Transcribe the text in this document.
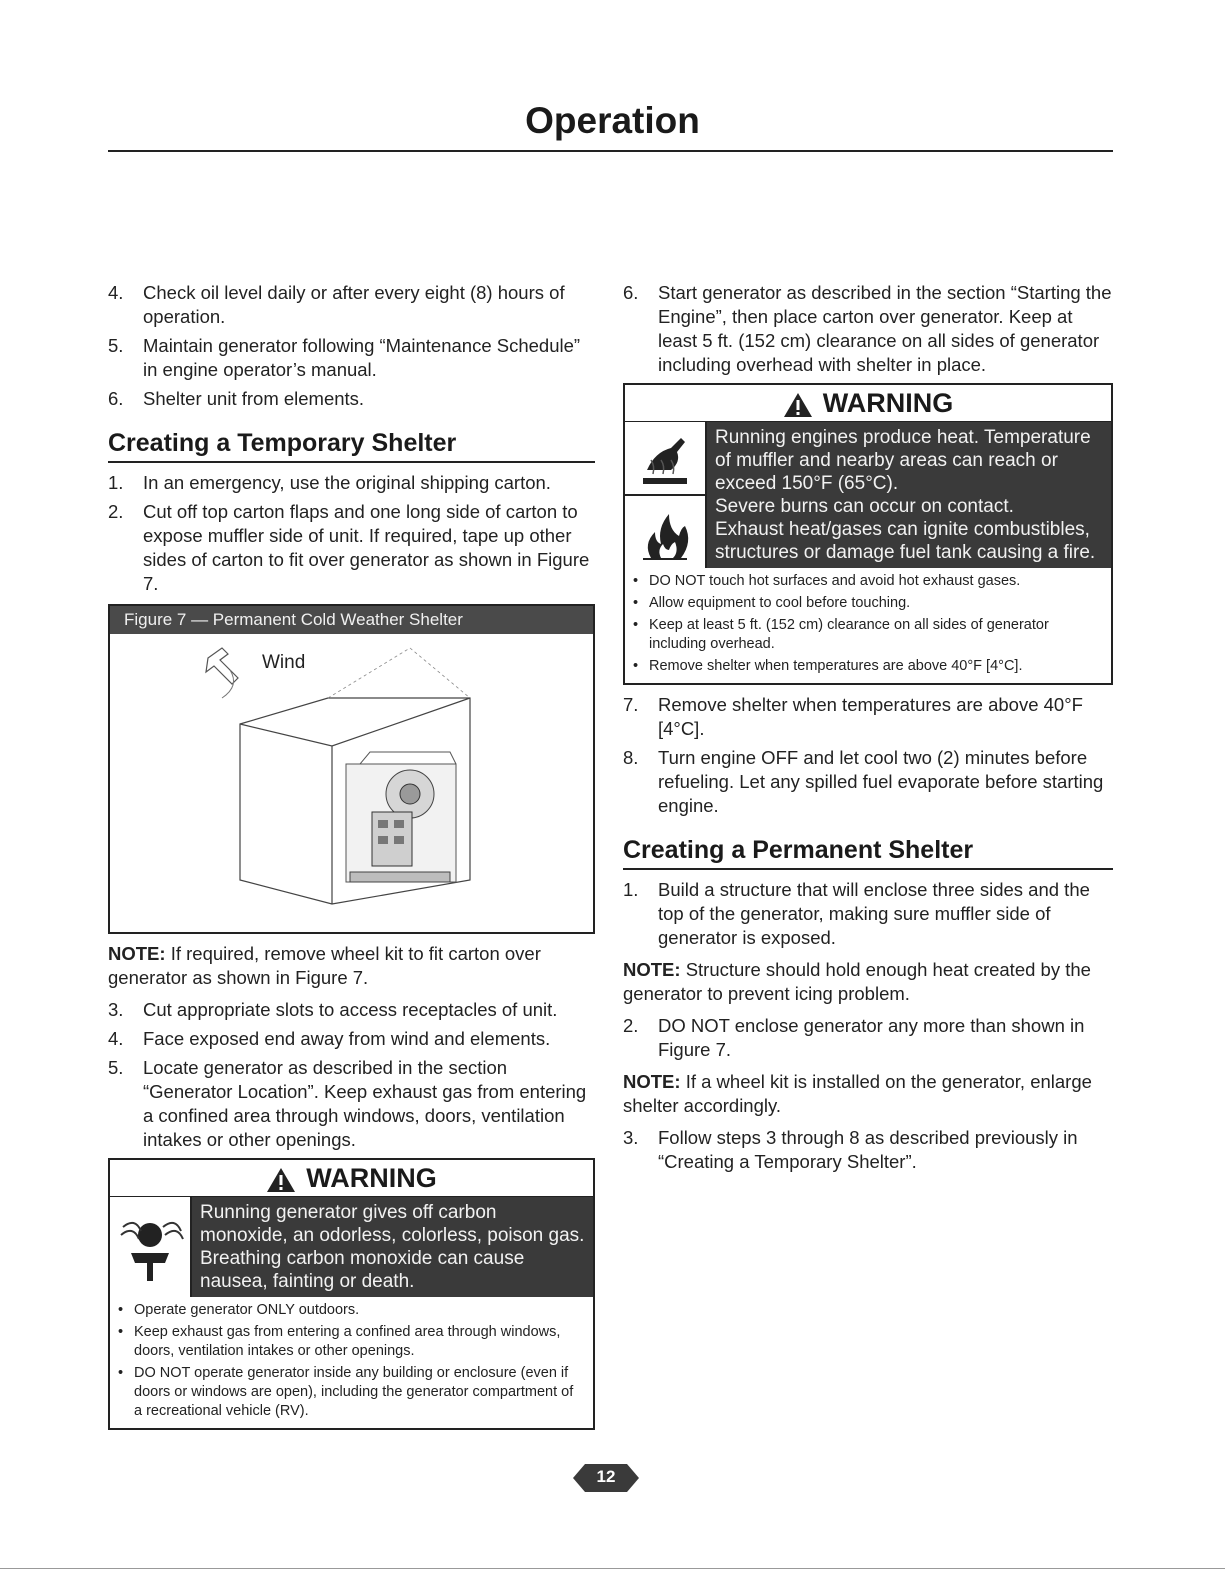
Operation
4. Check oil level daily or after every eight (8) hours of operation.
5. Maintain generator following “Maintenance Schedule” in engine operator’s manual.
6. Shelter unit from elements.
Creating a Temporary Shelter
1. In an emergency, use the original shipping carton.
2. Cut off top carton flaps and one long side of carton to expose muffler side of unit. If required, tape up other sides of carton to fit over generator as shown in Figure 7.
Figure 7 — Permanent Cold Weather Shelter
Wind

NOTE: If required, remove wheel kit to fit carton over generator as shown in Figure 7.

3. Cut appropriate slots to access receptacles of unit.
4. Face exposed end away from wind and elements.
5. Locate generator as described in the section “Generator Location”. Keep exhaust gas from entering a confined area through windows, doors, ventilation intakes or other openings.
WARNING
Running generator gives off carbon
monoxide, an odorless, colorless, poison gas.
Breathing carbon monoxide can cause
nausea, fainting or death.
• Operate generator ONLY outdoors.
• Keep exhaust gas from entering a confined area through windows, doors, ventilation intakes or other openings.
• DO NOT operate generator inside any building or enclosure (even if doors or windows are open), including the generator compartment of a recreational vehicle (RV).
6. Start generator as described in the section “Starting the Engine”, then place carton over generator. Keep at least 5 ft. (152 cm) clearance on all sides of generator including overhead with shelter in place.
WARNING
Running engines produce heat. Temperature
of muffler and nearby areas can reach or
exceed 150°F (65°C).
Severe burns can occur on contact.
Exhaust heat/gases can ignite combustibles,
structures or damage fuel tank causing a fire.
• DO NOT touch hot surfaces and avoid hot exhaust gases.
• Allow equipment to cool before touching.
• Keep at least 5 ft. (152 cm) clearance on all sides of generator including overhead.
• Remove shelter when temperatures are above 40°F [4°C].
7. Remove shelter when temperatures are above 40°F [4°C].
8. Turn engine OFF and let cool two (2) minutes before refueling. Let any spilled fuel evaporate before starting engine.
Creating a Permanent Shelter
1. Build a structure that will enclose three sides and the top of the generator, making sure muffler side of generator is exposed.

NOTE: Structure should hold enough heat created by the generator to prevent icing problem.

2. DO NOT enclose generator any more than shown in Figure 7.

NOTE: If a wheel kit is installed on the generator, enlarge shelter accordingly.

3. Follow steps 3 through 8 as described previously in “Creating a Temporary Shelter”.
12
